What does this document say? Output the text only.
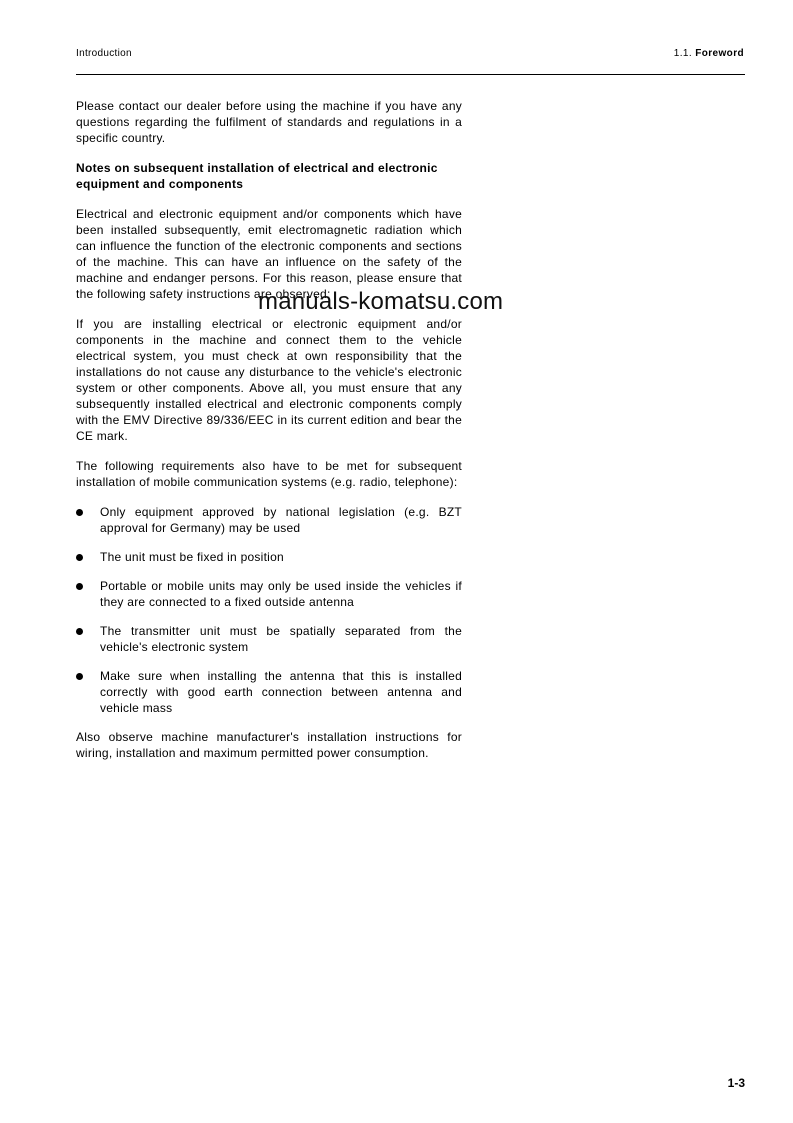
Introduction	1.1. Foreword

Please contact our dealer before using the machine if you have any questions regarding the fulfilment of standards and regulations in a specific country.

Notes on subsequent installation of electrical and electronic equipment and components

Electrical and electronic equipment and/or components which have been installed subsequently, emit electromagnetic radiation which can influence the function of the electronic components and sections of the machine. This can have an influence on the safety of the machine and endanger persons. For this reason, please ensure that the following safety instructions are observed:

If you are installing electrical or electronic equipment and/or components in the machine and connect them to the vehicle electrical system, you must check at own responsibility that the installations do not cause any disturbance to the vehicle's electronic system or other components. Above all, you must ensure that any subsequently installed electrical and electronic components comply with the EMV Directive 89/336/EEC in its current edition and bear the CE mark.

The following requirements also have to be met for subsequent installation of mobile communication systems (e.g. radio, telephone):

Only equipment approved by national legislation (e.g. BZT approval for Germany) may be used
The unit must be fixed in position
Portable or mobile units may only be used inside the vehicles if they are connected to a fixed outside antenna
The transmitter unit must be spatially separated from the vehicle's electronic system
Make sure when installing the antenna that this is installed correctly with good earth connection between antenna and vehicle mass

Also observe machine manufacturer's installation instructions for wiring, installation and maximum permitted power consumption.

manuals-komatsu.com
1-3
